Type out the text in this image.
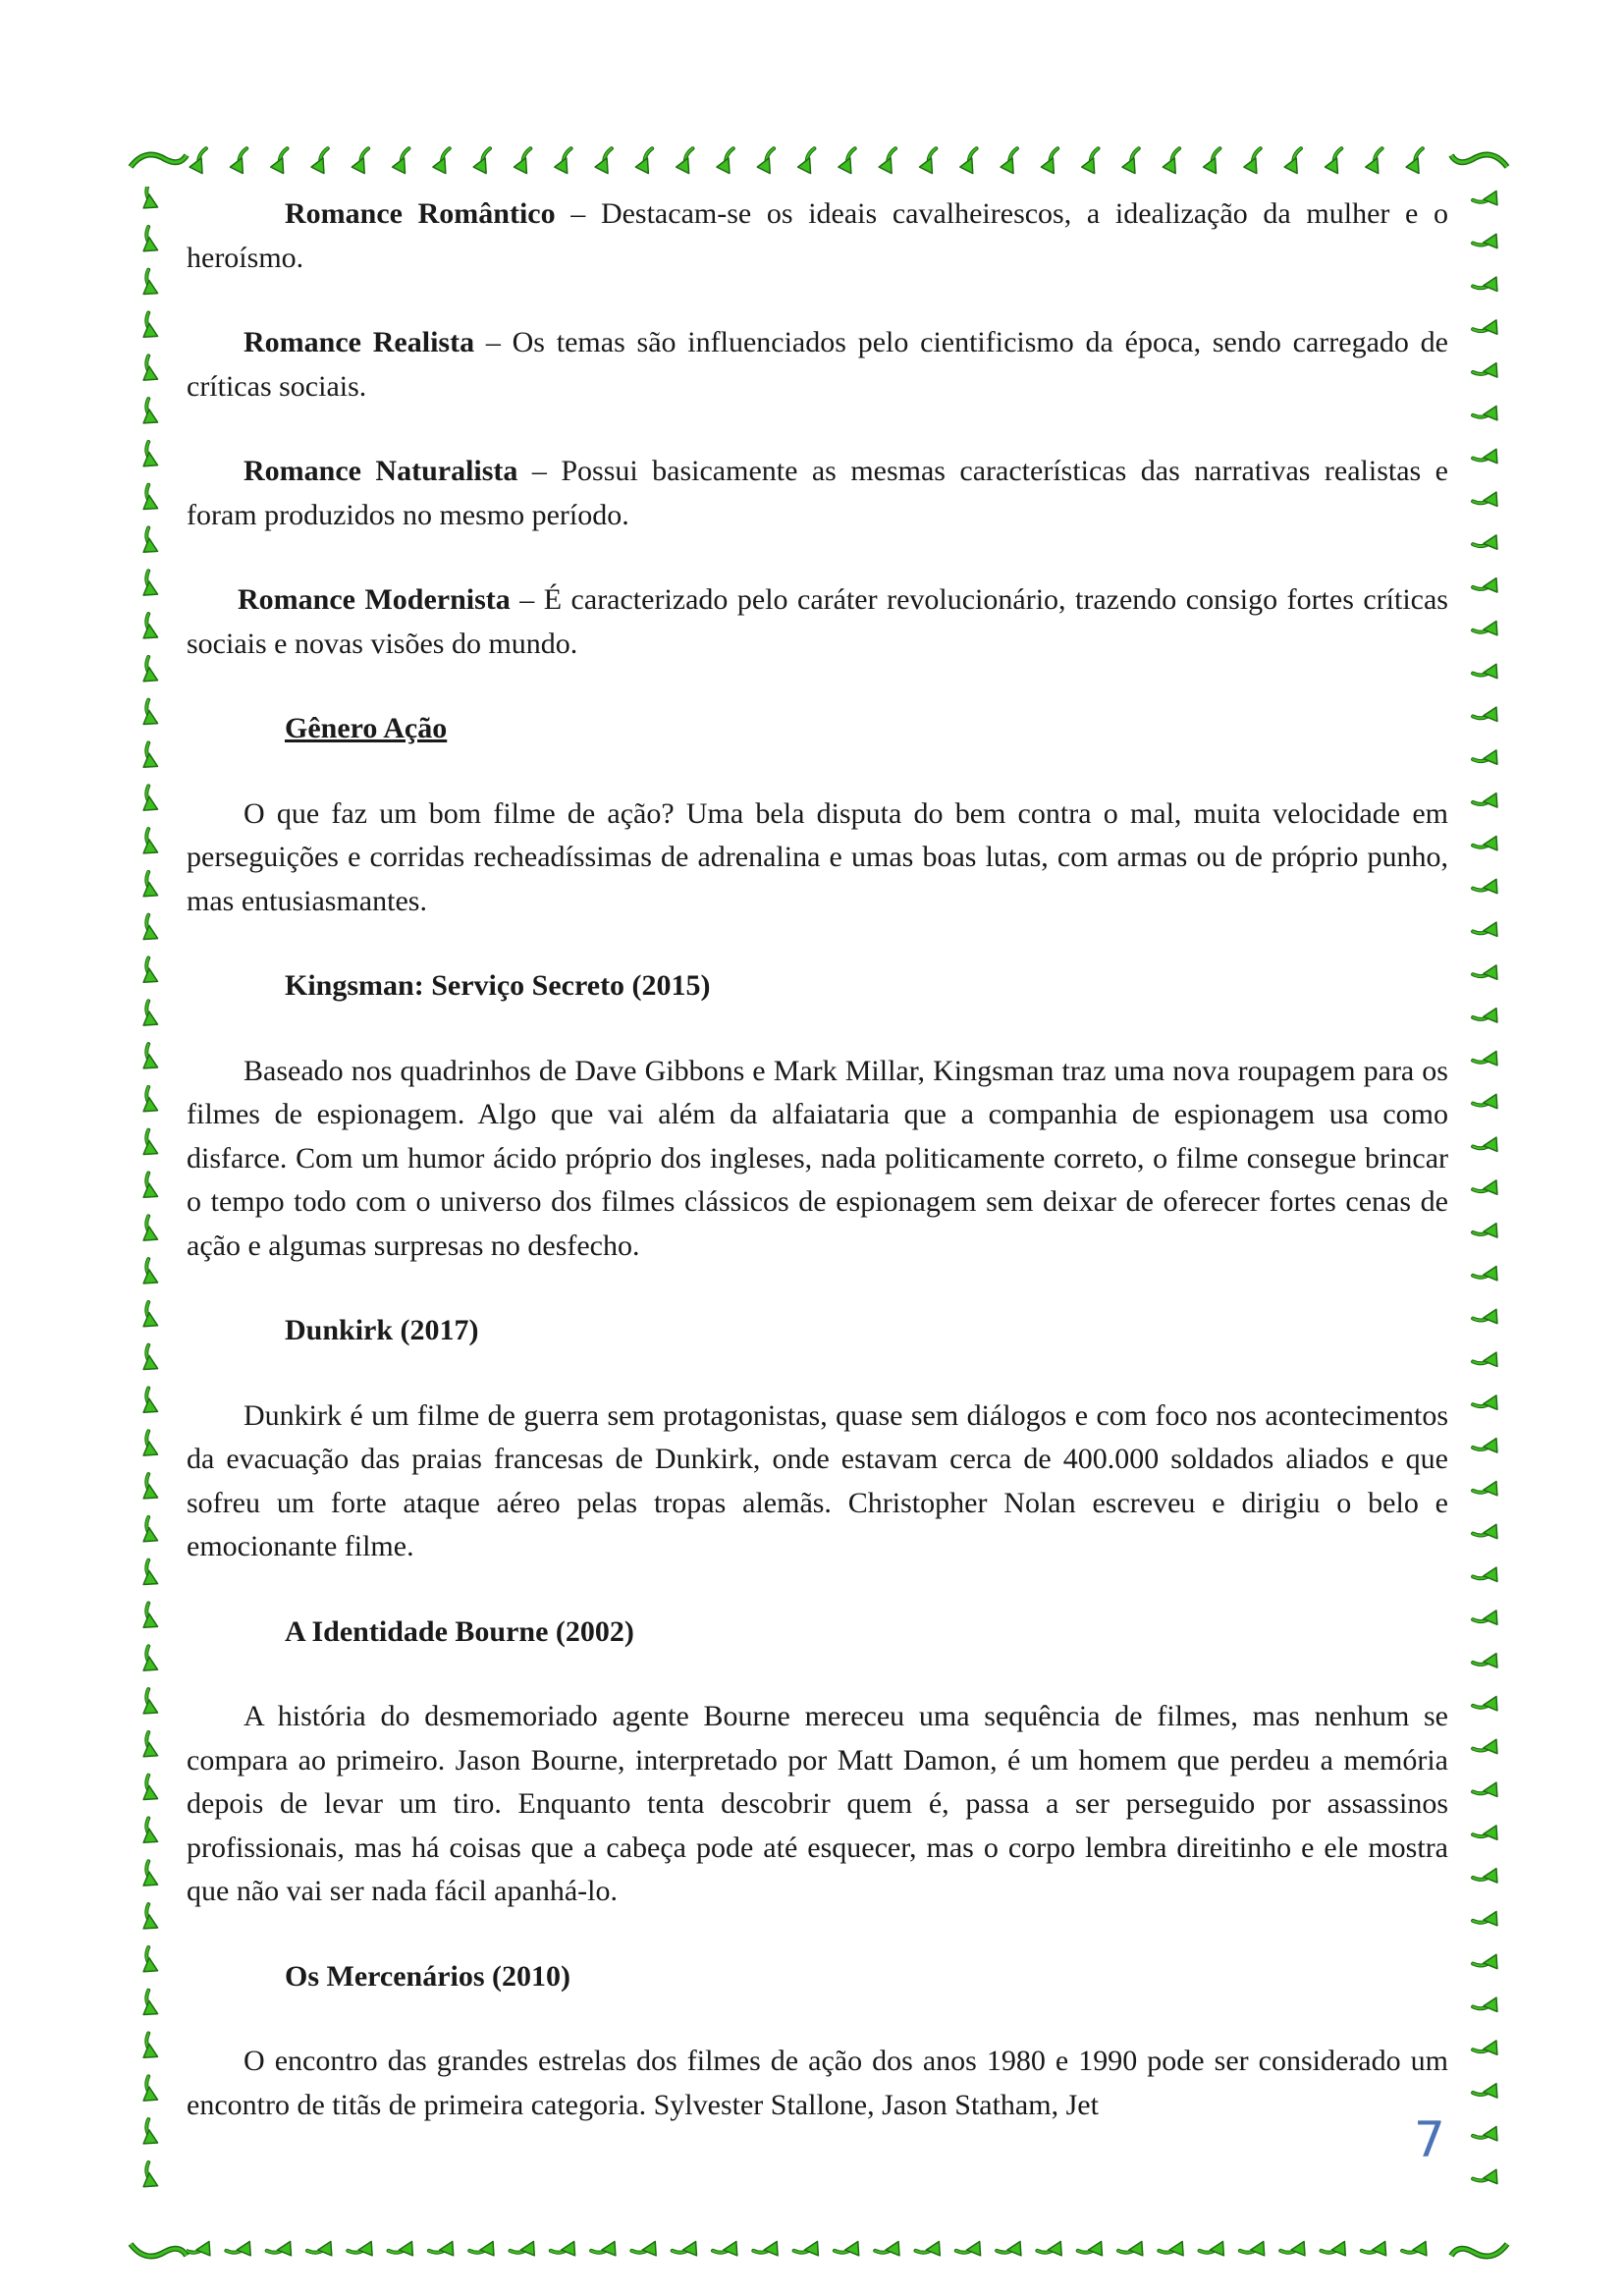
Romance Romântico – Destacam-se os ideais cavalheirescos, a idealização da mulher e o heroísmo.

Romance Realista – Os temas são influenciados pelo cientificismo da época, sendo carregado de críticas sociais.

Romance Naturalista – Possui basicamente as mesmas características das narrativas realistas e foram produzidos no mesmo período.

Romance Modernista – É caracterizado pelo caráter revolucionário, trazendo consigo fortes críticas sociais e novas visões do mundo.

Gênero Ação

O que faz um bom filme de ação? Uma bela disputa do bem contra o mal, muita velocidade em perseguições e corridas recheadíssimas de adrenalina e umas boas lutas, com armas ou de próprio punho, mas entusiasmantes.

Kingsman: Serviço Secreto (2015)

Baseado nos quadrinhos de Dave Gibbons e Mark Millar, Kingsman traz uma nova roupagem para os filmes de espionagem. Algo que vai além da alfaiataria que a companhia de espionagem usa como disfarce. Com um humor ácido próprio dos ingleses, nada politicamente correto, o filme consegue brincar o tempo todo com o universo dos filmes clássicos de espionagem sem deixar de oferecer fortes cenas de ação e algumas surpresas no desfecho.

Dunkirk (2017)

Dunkirk é um filme de guerra sem protagonistas, quase sem diálogos e com foco nos acontecimentos da evacuação das praias francesas de Dunkirk, onde estavam cerca de 400.000 soldados aliados e que sofreu um forte ataque aéreo pelas tropas alemãs. Christopher Nolan escreveu e dirigiu o belo e emocionante filme.

A Identidade Bourne (2002)

A história do desmemoriado agente Bourne mereceu uma sequência de filmes, mas nenhum se compara ao primeiro. Jason Bourne, interpretado por Matt Damon, é um homem que perdeu a memória depois de levar um tiro. Enquanto tenta descobrir quem é, passa a ser perseguido por assassinos profissionais, mas há coisas que a cabeça pode até esquecer, mas o corpo lembra direitinho e ele mostra que não vai ser nada fácil apanhá-lo.

Os Mercenários (2010)

O encontro das grandes estrelas dos filmes de ação dos anos 1980 e 1990 pode ser considerado um encontro de titãs de primeira categoria. Sylvester Stallone, Jason Statham, Jet

7
